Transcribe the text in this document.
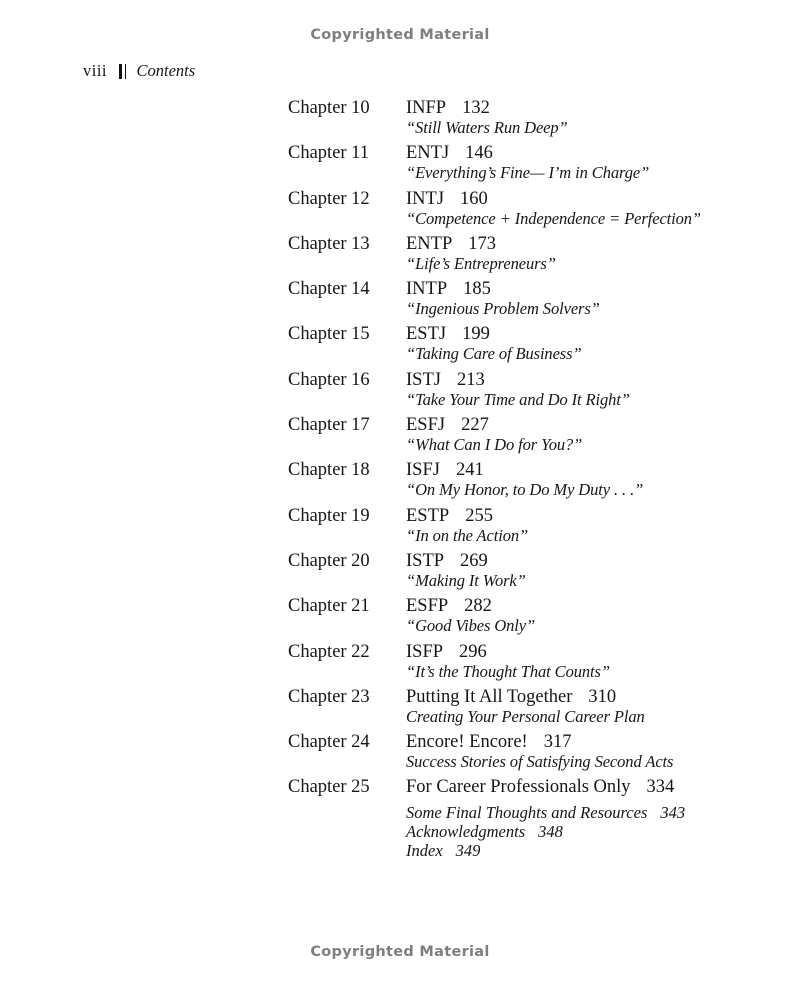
Copyrighted Material
viii Contents
Chapter 10	INFP 132
“Still Waters Run Deep”
Chapter 11	ENTJ 146
“Everything’s Fine— I’m in Charge”
Chapter 12	INTJ 160
“Competence + Independence = Perfection”
Chapter 13	ENTP 173
“Life’s Entrepreneurs”
Chapter 14	INTP 185
“Ingenious Problem Solvers”
Chapter 15	ESTJ 199
“Taking Care of Business”
Chapter 16	ISTJ 213
“Take Your Time and Do It Right”
Chapter 17	ESFJ 227
“What Can I Do for You?”
Chapter 18	ISFJ 241
“On My Honor, to Do My Duty . . .”
Chapter 19	ESTP 255
“In on the Action”
Chapter 20	ISTP 269
“Making It Work”
Chapter 21	ESFP 282
“Good Vibes Only”
Chapter 22	ISFP 296
“It’s the Thought That Counts”
Chapter 23	Putting It All Together 310
Creating Your Personal Career Plan
Chapter 24	Encore! Encore! 317
Success Stories of Satisfying Second Acts
Chapter 25	For Career Professionals Only 334
Some Final Thoughts and Resources 343
Acknowledgments 348
Index 349
Copyrighted Material
